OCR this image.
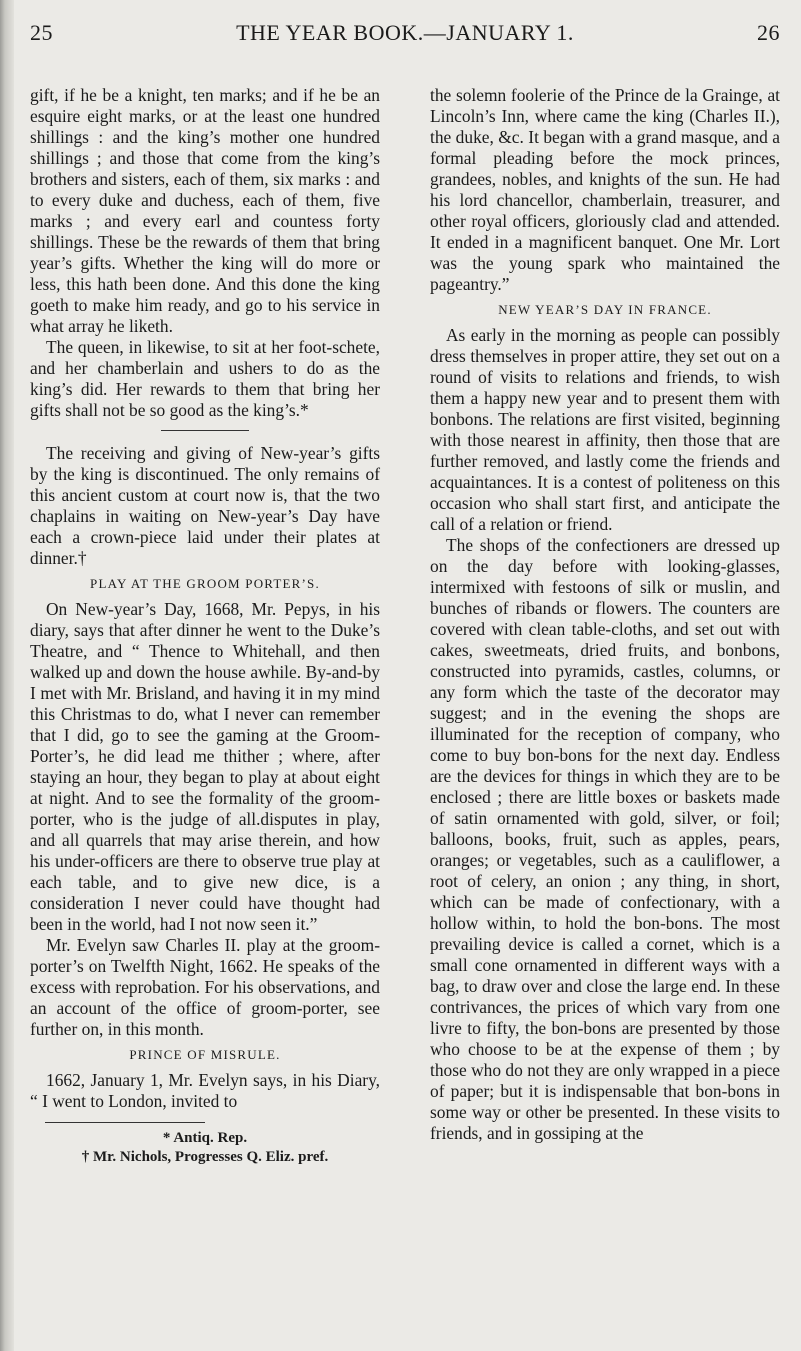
25	THE YEAR BOOK.—JANUARY 1.	26

gift, if he be a knight, ten marks; and if he be an esquire eight marks, or at the least one hundred shillings : and the king’s mother one hundred shillings ; and those that come from the king’s brothers and sisters, each of them, six marks : and to every duke and duchess, each of them, five marks ; and every earl and countess forty shillings. These be the rewards of them that bring year’s gifts. Whether the king will do more or less, this hath been done. And this done the king goeth to make him ready, and go to his service in what array he liketh.

The queen, in likewise, to sit at her foot-schete, and her chamberlain and ushers to do as the king’s did. Her rewards to them that bring her gifts shall not be so good as the king’s.*

The receiving and giving of New-year’s gifts by the king is discontinued. The only remains of this ancient custom at court now is, that the two chaplains in waiting on New-year’s Day have each a crown-piece laid under their plates at dinner.†

PLAY AT THE GROOM PORTER’S.

On New-year’s Day, 1668, Mr. Pepys, in his diary, says that after dinner he went to the Duke’s Theatre, and “ Thence to Whitehall, and then walked up and down the house awhile. By-and-by I met with Mr. Brisland, and having it in my mind this Christmas to do, what I never can remember that I did, go to see the gaming at the Groom-Porter’s, he did lead me thither ; where, after staying an hour, they began to play at about eight at night. And to see the formality of the groom-porter, who is the judge of all.disputes in play, and all quarrels that may arise therein, and how his under-officers are there to observe true play at each table, and to give new dice, is a consideration I never could have thought had been in the world, had I not now seen it.”

Mr. Evelyn saw Charles II. play at the groom-porter’s on Twelfth Night, 1662. He speaks of the excess with reprobation. For his observations, and an account of the office of groom-porter, see further on, in this month.

PRINCE OF MISRULE.

1662, January 1, Mr. Evelyn says, in his Diary, “ I went to London, invited to

* Antiq. Rep.
† Mr. Nichols, Progresses Q. Eliz. pref.

the solemn foolerie of the Prince de la Grainge, at Lincoln’s Inn, where came the king (Charles II.), the duke, &c. It began with a grand masque, and a formal pleading before the mock princes, grandees, nobles, and knights of the sun. He had his lord chancellor, chamberlain, treasurer, and other royal officers, gloriously clad and attended. It ended in a magnificent banquet. One Mr. Lort was the young spark who maintained the pageantry.”

NEW YEAR’S DAY IN FRANCE.

As early in the morning as people can possibly dress themselves in proper attire, they set out on a round of visits to relations and friends, to wish them a happy new year and to present them with bonbons. The relations are first visited, beginning with those nearest in affinity, then those that are further removed, and lastly come the friends and acquaintances. It is a contest of politeness on this occasion who shall start first, and anticipate the call of a relation or friend.

The shops of the confectioners are dressed up on the day before with looking-glasses, intermixed with festoons of silk or muslin, and bunches of ribands or flowers. The counters are covered with clean table-cloths, and set out with cakes, sweetmeats, dried fruits, and bonbons, constructed into pyramids, castles, columns, or any form which the taste of the decorator may suggest; and in the evening the shops are illuminated for the reception of company, who come to buy bon-bons for the next day. Endless are the devices for things in which they are to be enclosed ; there are little boxes or baskets made of satin ornamented with gold, silver, or foil; balloons, books, fruit, such as apples, pears, oranges; or vegetables, such as a cauliflower, a root of celery, an onion ; any thing, in short, which can be made of confectionary, with a hollow within, to hold the bon-bons. The most prevailing device is called a cornet, which is a small cone ornamented in different ways with a bag, to draw over and close the large end. In these contrivances, the prices of which vary from one livre to fifty, the bon-bons are presented by those who choose to be at the expense of them ; by those who do not they are only wrapped in a piece of paper; but it is indispensable that bon-bons in some way or other be presented. In these visits to friends, and in gossiping at the
